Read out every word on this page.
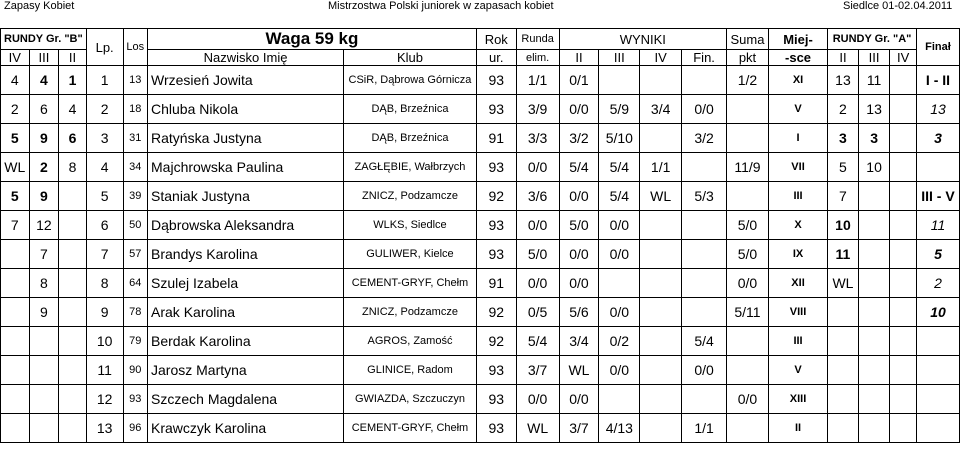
Zapasy Kobiet	Mistrzostwa Polski juniorek w zapasach kobiet	Siedlce 01-02.04.2011
RUNDY Gr. "B"			Lp.	Los	Waga 59 kg		Rok	Runda	WYNIKI				Suma	Miej-	RUNDY Gr. "A"			Finał
IV	III	II			Nazwisko Imię	Klub	ur.	elim.	II	III	IV	Fin.	pkt	-sce	II	III	IV	
4	4	1	1	13	Wrzesień Jowita	CSiR, Dąbrowa Górnicza	93	1/1	0/1				1/2	XI	13	11		I - II
2	6	4	2	18	Chluba Nikola	DĄB, Brzeźnica	93	3/9	0/0	5/9	3/4	0/0		V	2	13		13
5	9	6	3	31	Ratyńska Justyna	DĄB, Brzeźnica	91	3/3	3/2	5/10		3/2		I	3	3		3
WL	2	8	4	34	Majchrowska Paulina	ZAGŁĘBIE, Wałbrzych	93	0/0	5/4	5/4	1/1		11/9	VII	5	10		
5	9		5	39	Staniak Justyna	ZNICZ, Podzamcze	92	3/6	0/0	5/4	WL	5/3		III	7			III - V
7	12		6	50	Dąbrowska Aleksandra	WLKS, Siedlce	93	0/0	5/0	0/0			5/0	X	10			11
	7		7	57	Brandys Karolina	GULIWER, Kielce	93	5/0	0/0	0/0			5/0	IX	11			5
	8		8	64	Szulej Izabela	CEMENT-GRYF, Chełm	91	0/0	0/0				0/0	XII	WL			2
	9		9	78	Arak Karolina	ZNICZ, Podzamcze	92	0/5	5/6	0/0			5/11	VIII				10
			10	79	Berdak Karolina	AGROS, Zamość	92	5/4	3/4	0/2		5/4		III				
			11	90	Jarosz Martyna	GLINICE, Radom	93	3/7	WL	0/0		0/0		V				
			12	93	Szczech Magdalena	GWIAZDA, Szczuczyn	93	0/0	0/0				0/0	XIII				
			13	96	Krawczyk Karolina	CEMENT-GRYF, Chełm	93	WL	3/7	4/13		1/1		II				
